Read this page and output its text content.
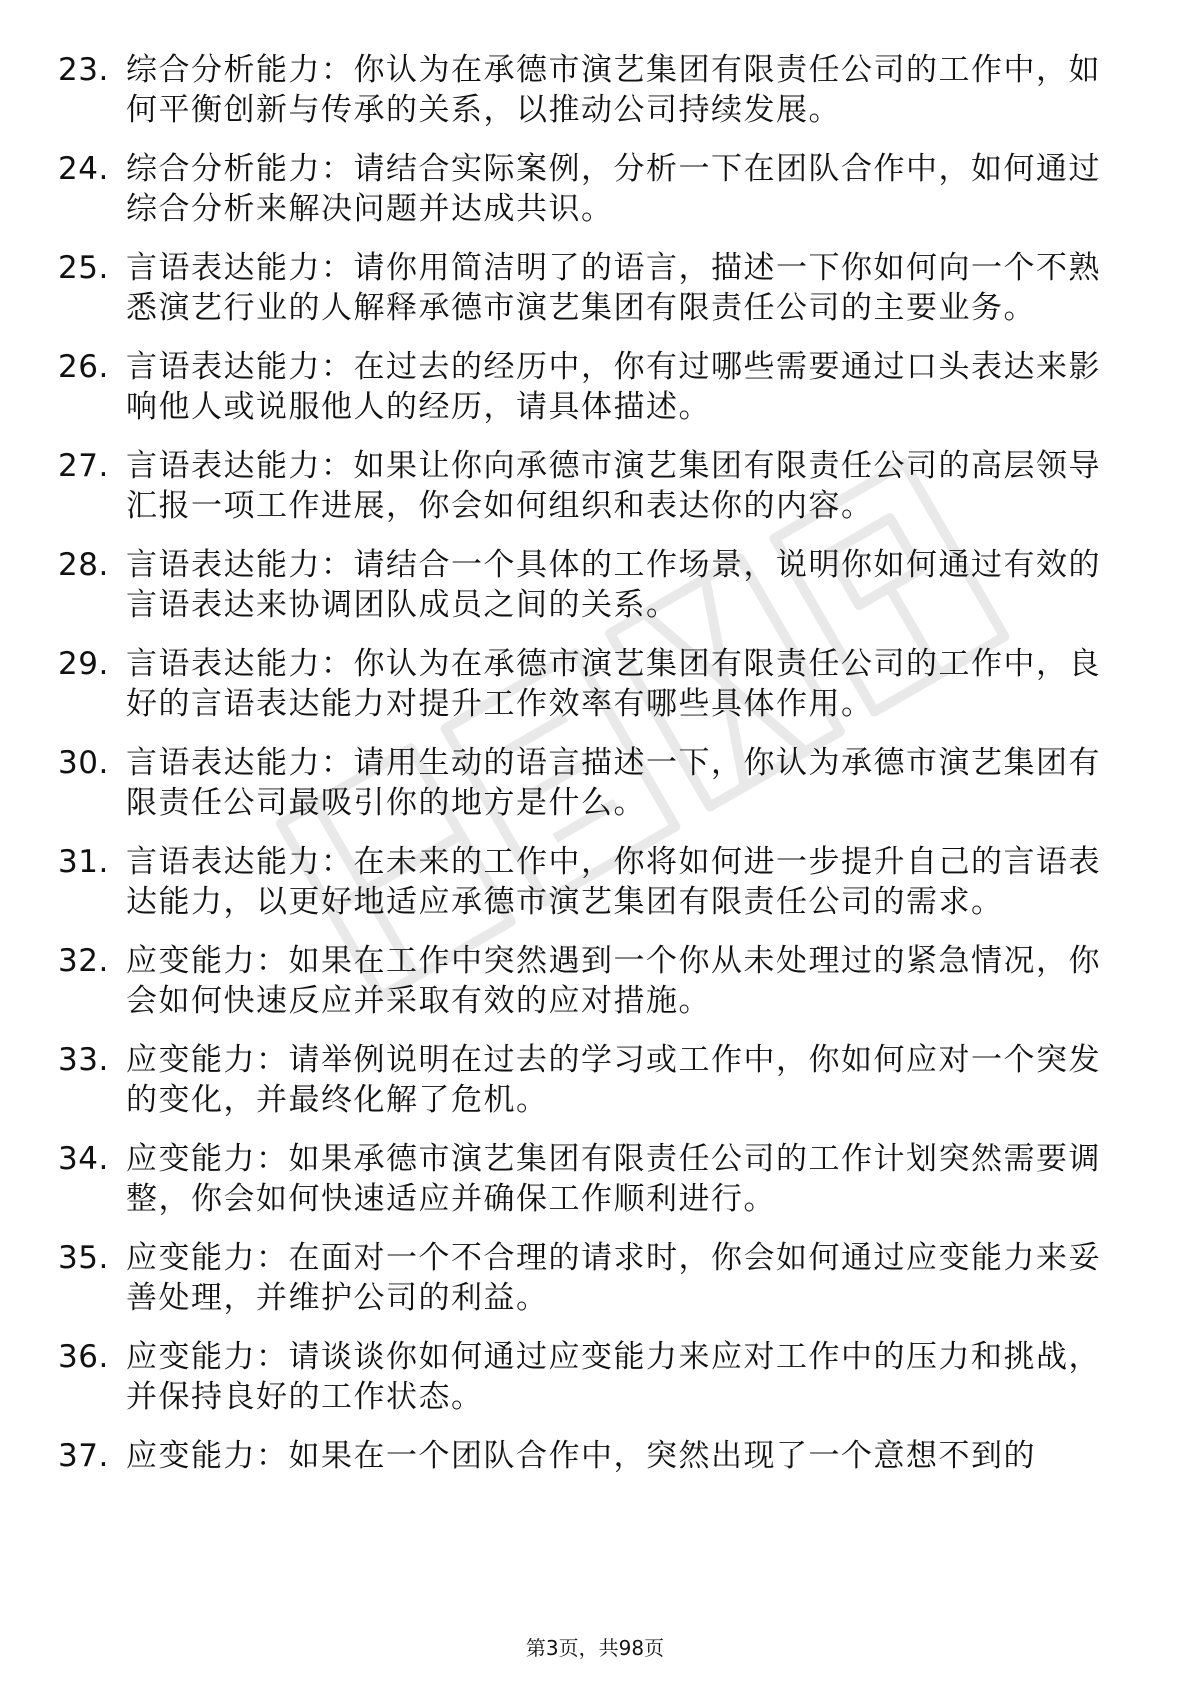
23. 综合分析能力：你认为在承德市演艺集团有限责任公司的工作中，如何平衡创新与传承的关系，以推动公司持续发展。
24. 综合分析能力：请结合实际案例，分析一下在团队合作中，如何通过综合分析来解决问题并达成共识。
25. 言语表达能力：请你用简洁明了的语言，描述一下你如何向一个不熟悉演艺行业的人解释承德市演艺集团有限责任公司的主要业务。
26. 言语表达能力：在过去的经历中，你有过哪些需要通过口头表达来影响他人或说服他人的经历，请具体描述。
27. 言语表达能力：如果让你向承德市演艺集团有限责任公司的高层领导汇报一项工作进展，你会如何组织和表达你的内容。
28. 言语表达能力：请结合一个具体的工作场景，说明你如何通过有效的言语表达来协调团队成员之间的关系。
29. 言语表达能力：你认为在承德市演艺集团有限责任公司的工作中，良好的言语表达能力对提升工作效率有哪些具体作用。
30. 言语表达能力：请用生动的语言描述一下，你认为承德市演艺集团有限责任公司最吸引你的地方是什么。
31. 言语表达能力：在未来的工作中，你将如何进一步提升自己的言语表达能力，以更好地适应承德市演艺集团有限责任公司的需求。
32. 应变能力：如果在工作中突然遇到一个你从未处理过的紧急情况，你会如何快速反应并采取有效的应对措施。
33. 应变能力：请举例说明在过去的学习或工作中，你如何应对一个突发的变化，并最终化解了危机。
34. 应变能力：如果承德市演艺集团有限责任公司的工作计划突然需要调整，你会如何快速适应并确保工作顺利进行。
35. 应变能力：在面对一个不合理的请求时，你会如何通过应变能力来妥善处理，并维护公司的利益。
36. 应变能力：请谈谈你如何通过应变能力来应对工作中的压力和挑战，并保持良好的工作状态。
37. 应变能力：如果在一个团队合作中，突然出现了一个意想不到的
第3页，共98页
